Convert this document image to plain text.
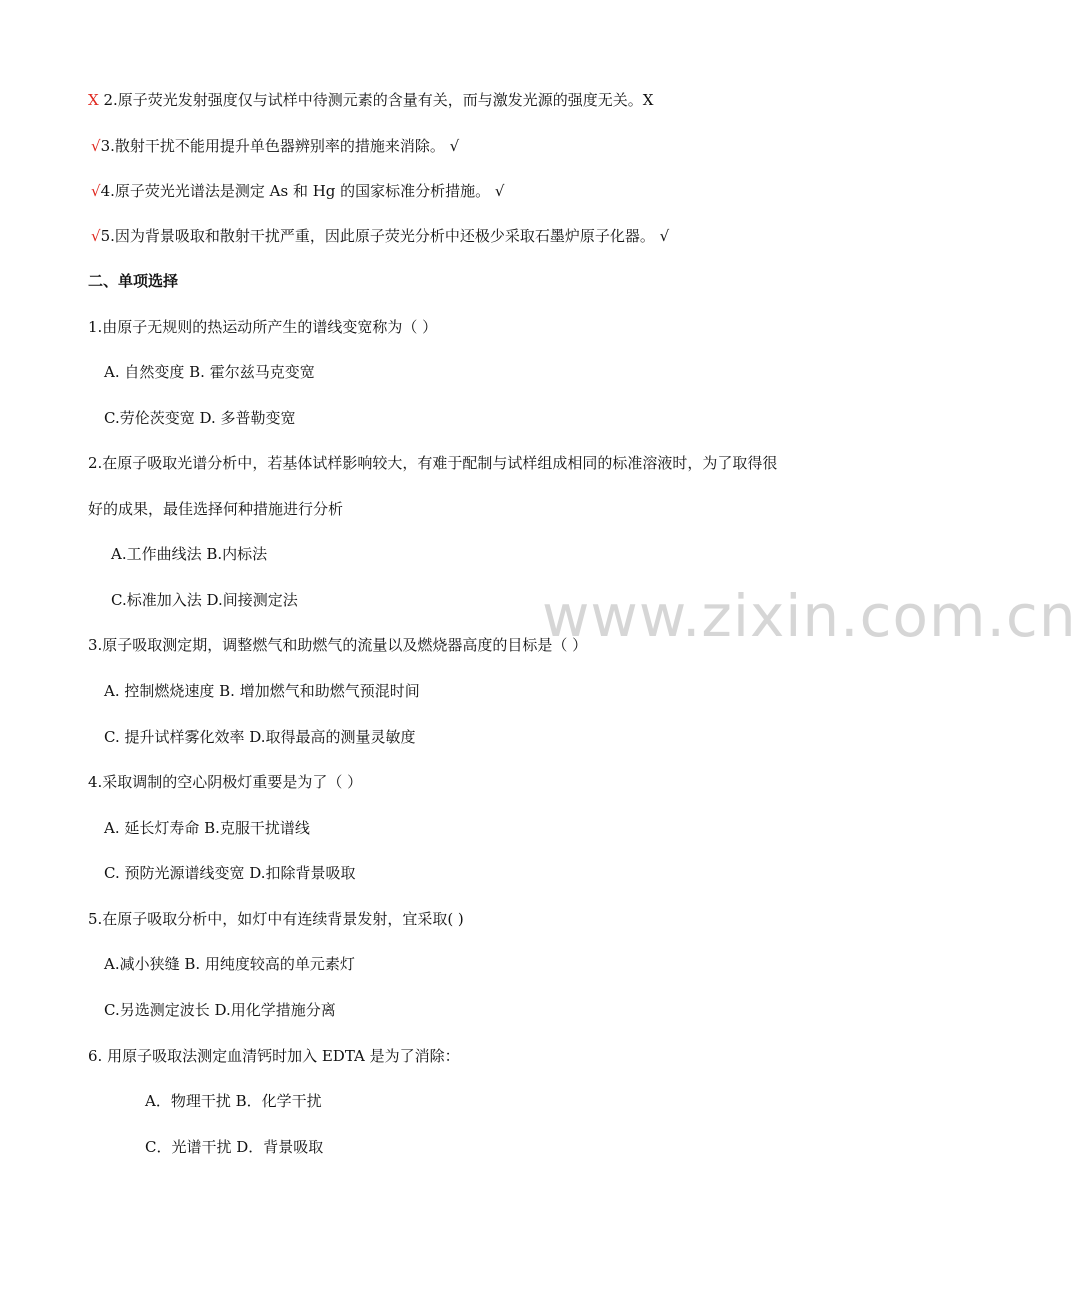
X 2.原子荧光发射强度仅与试样中待测元素的含量有关，而与激发光源的强度无关。X
√3.散射干扰不能用提升单色器辨别率的措施来消除。 √
√4.原子荧光光谱法是测定 As 和 Hg 的国家标准分析措施。 √
√5.因为背景吸取和散射干扰严重，因此原子荧光分析中还极少采取石墨炉原子化器。 √
二、单项选择
1.由原子无规则的热运动所产生的谱线变宽称为（ ）
A. 自然变度 B. 霍尔兹马克变宽
C.劳伦茨变宽 D. 多普勒变宽
2.在原子吸取光谱分析中，若基体试样影响较大，有难于配制与试样组成相同的标准溶液时，为了取得很
好的成果，最佳选择何种措施进行分析
A.工作曲线法 B.内标法
C.标准加入法 D.间接测定法
3.原子吸取测定期，调整燃气和助燃气的流量以及燃烧器高度的目标是（ ）
A. 控制燃烧速度 B. 增加燃气和助燃气预混时间
C. 提升试样雾化效率 D.取得最高的测量灵敏度
4.采取调制的空心阴极灯重要是为了（ ）
A. 延长灯寿命 B.克服干扰谱线
C. 预防光源谱线变宽 D.扣除背景吸取
5.在原子吸取分析中，如灯中有连续背景发射，宜采取( )
A.减小狭缝 B. 用纯度较高的单元素灯
C.另选测定波长 D.用化学措施分离
6. 用原子吸取法测定血清钙时加入 EDTA 是为了消除：
A．物理干扰 B．化学干扰
C．光谱干扰 D．背景吸取
www.zixin.com.cn
